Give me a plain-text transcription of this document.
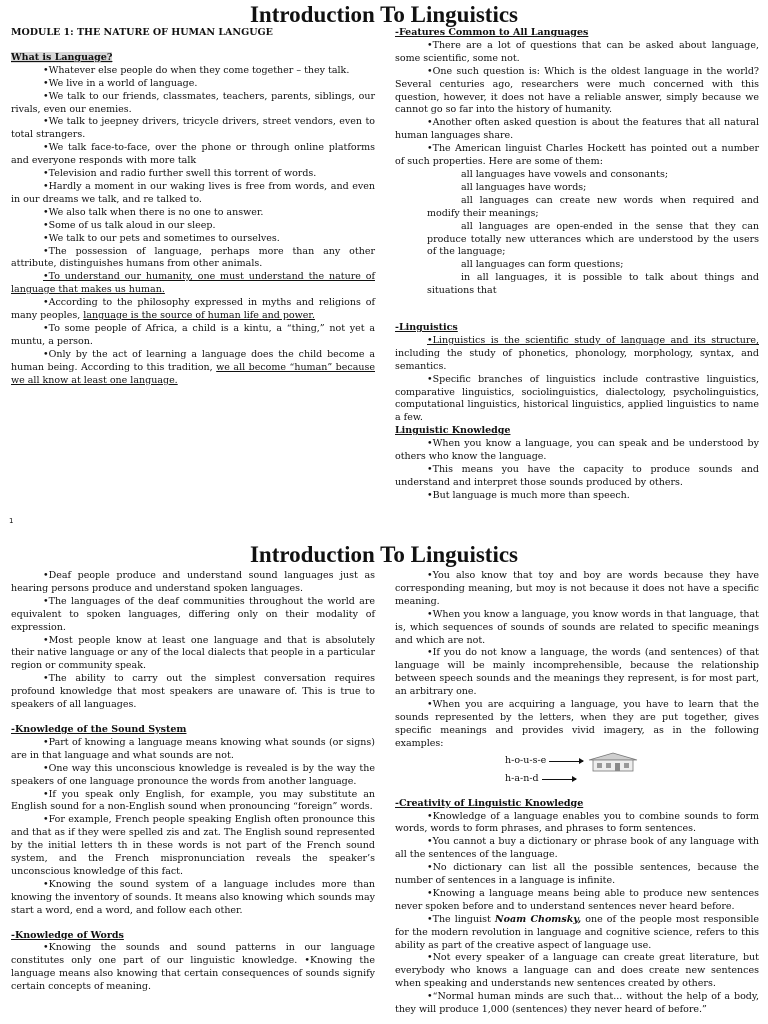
Introduction To Linguistics

MODULE 1: THE NATURE OF HUMAN LANGUGE

What is Language?

•Whatever else people do when they come together – they talk.

•We live in a world of language.

•We talk to our friends, classmates, teachers, parents, siblings, our rivals, even our enemies.

•We talk to jeepney drivers, tricycle drivers, street vendors, even to total strangers.

•We talk face-to-face, over the phone or through online platforms and everyone responds with more talk

•Television and radio further swell this torrent of words.

•Hardly a moment in our waking lives is free from words, and even in our dreams we talk, and re talked to.

•We also talk when there is no one to answer.

•Some of us talk aloud in our sleep.

•We talk to our pets and sometimes to ourselves.

•The possession of language, perhaps more than any other attribute, distinguishes humans from other animals.

•To understand our humanity, one must understand the nature of language that makes us human.

•According to the philosophy expressed in myths and religions of many peoples, language is the source of human life and power.

•To some people of Africa, a child is a kintu, a “thing,” not yet a muntu, a person.

•Only by the act of learning a language does the child become a human being. According to this tradition, we all become “human” because we all know at least one language.

-Features Common to All Languages

•There are a lot of questions that can be asked about language, some scientific, some not.

•One such question is: Which is the oldest language in the world? Several centuries ago, researchers were much concerned with this question, however, it does not have a reliable answer, simply because we cannot go so far into the history of humanity.

•Another often asked question is about the features that all natural human languages share.

•The American linguist Charles Hockett has pointed out a number of such properties. Here are some of them:

all languages have vowels and consonants;

all languages have words;

all languages can create new words when required and modify their meanings;

all languages are open-ended in the sense that they can produce totally new utterances which are understood by the users of the language;

all languages can form questions;

in all languages, it is possible to talk about things and situations that

-Linguistics

•Linguistics is the scientific study of language and its structure, including the study of phonetics, phonology, morphology, syntax, and semantics.

•Specific branches of linguistics include contrastive linguistics, comparative linguistics, sociolinguistics, dialectology, psycholinguistics, computational linguistics, historical linguistics, applied linguistics to name a few.

Linguistic Knowledge

•When you know a language, you can speak and be understood by others who know the language.

•This means you have the capacity to produce sounds and understand and interpret those sounds produced by others.

•But language is much more than speech.

1
Introduction To Linguistics

•Deaf people produce and understand sound languages just as hearing persons produce and understand spoken languages.

•The languages of the deaf communities throughout the world are equivalent to spoken languages, differing only on their modality of expression.

•Most people know at least one language and that is absolutely their native language or any of the local dialects that people in a particular region or community speak.

•The ability to carry out the simplest conversation requires profound knowledge that most speakers are unaware of. This is true to speakers of all languages.

-Knowledge of the Sound System

•Part of knowing a language means knowing what sounds (or signs) are in that language and what sounds are not.

•One way this unconscious knowledge is revealed is by the way the speakers of one language pronounce the words from another language.

•If you speak only English, for example, you may substitute an English sound for a non-English sound when pronouncing “foreign” words.

•For example, French people speaking English often pronounce this and that as if they were spelled zis and zat. The English sound represented by the initial letters th in these words is not part of the French sound system, and the French mispronunciation reveals the speaker’s unconscious knowledge of this fact.

•Knowing the sound system of a language includes more than knowing the inventory of sounds. It means also knowing which sounds may start a word, end a word, and follow each other.

-Knowledge of Words

•Knowing the sounds and sound patterns in our language constitutes only one part of our linguistic knowledge. •Knowing the language means also knowing that certain consequences of sounds signify certain concepts of meaning.

•You also know that toy and boy are words because they have corresponding meaning, but moy is not because it does not have a specific meaning.

•When you know a language, you know words in that language, that is, which sequences of sounds of sounds are related to specific meanings and which are not.

•If you do not know a language, the words (and sentences) of that language will be mainly incomprehensible, because the relationship between speech sounds and the meanings they represent, is for most part, an arbitrary one.

•When you are acquiring a language, you have to learn that the sounds represented by the letters, when they are put together, gives specific meanings and provides vivid imagery, as in the following examples:

h-o-u-s-e
h-a-n-d

-Creativity of Linguistic Knowledge

•Knowledge of a language enables you to combine sounds to form words, words to form phrases, and phrases to form sentences.

•You cannot a buy a dictionary or phrase book of any language with all the sentences of the language.

•No dictionary can list all the possible sentences, because the number of sentences in a language is infinite.

•Knowing a language means being able to produce new sentences never spoken before and to understand sentences never heard before.

•The linguist Noam Chomsky, one of the people most responsible for the modern revolution in language and cognitive science, refers to this ability as part of the creative aspect of language use.

•Not every speaker of a language can create great literature, but everybody who knows a language can and does create new sentences when speaking and understands new sentences created by others.

•“Normal human minds are such that... without the help of a body, they will produce 1,000 (sentences) they never heard of before.”
